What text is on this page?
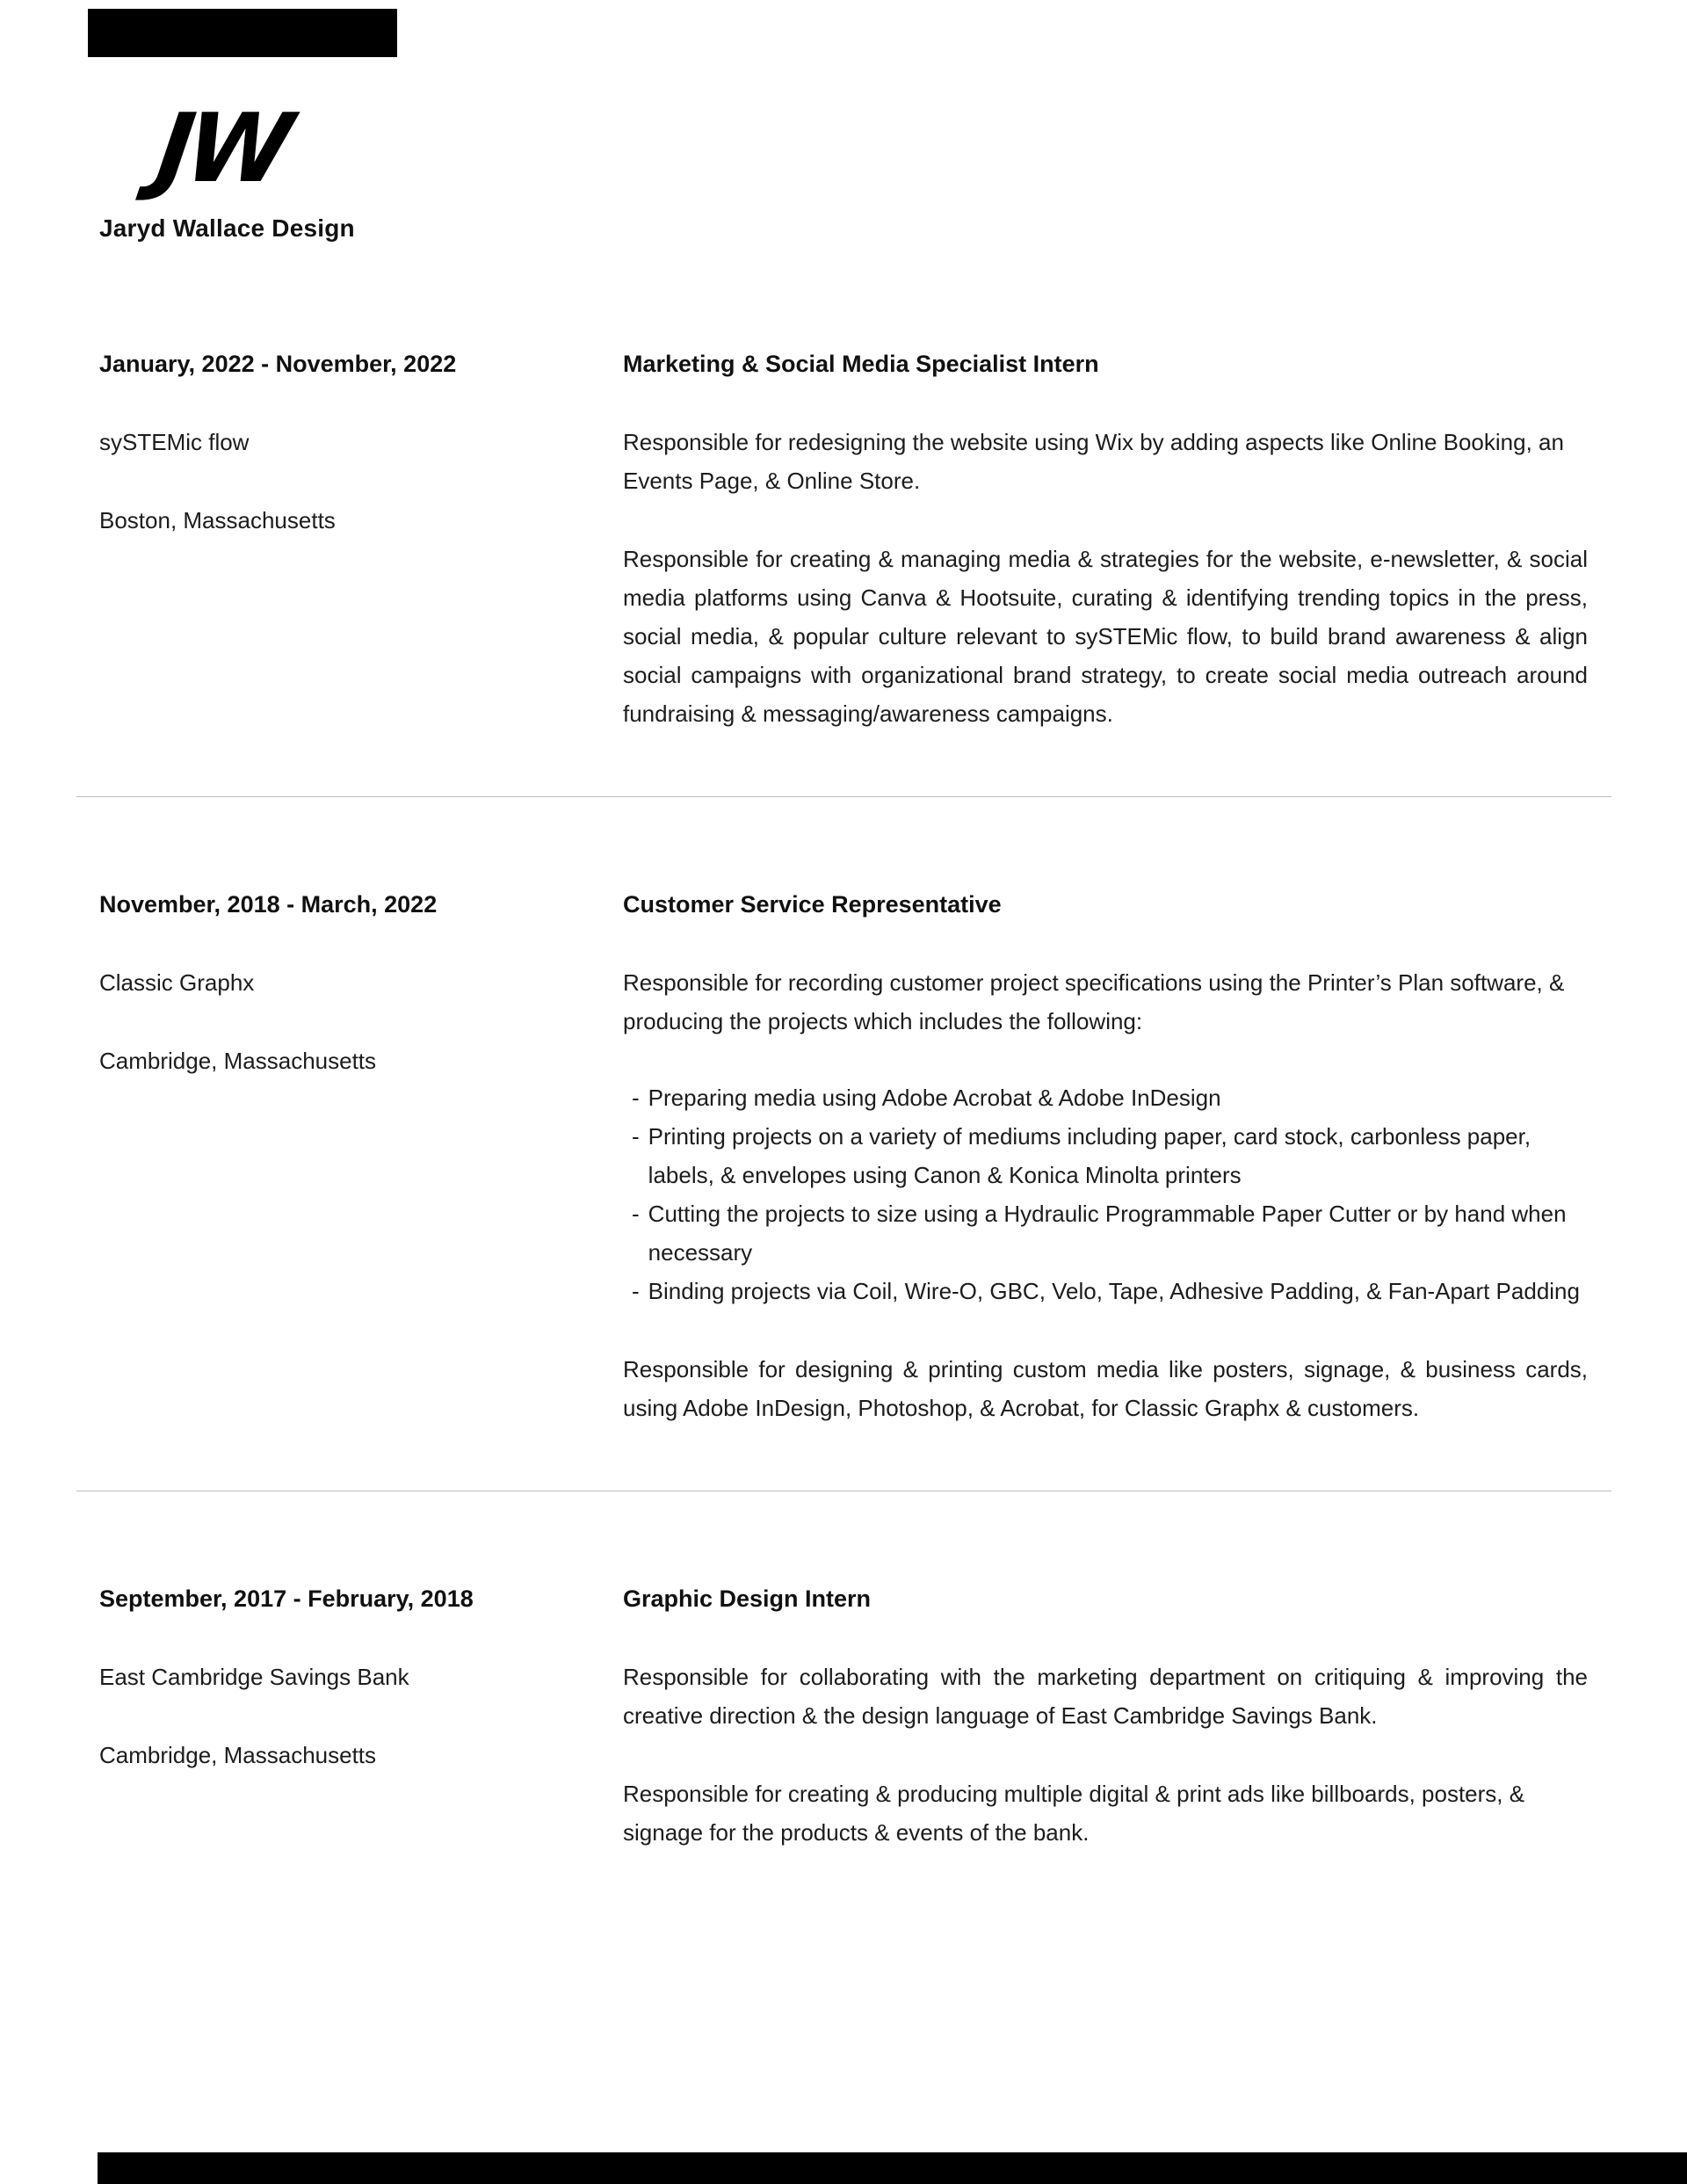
JW
Jaryd Wallace Design
January, 2022 - November, 2022
sySTEMic flow
Boston, Massachusetts
Marketing & Social Media Specialist Intern

Responsible for redesigning the website using Wix by adding aspects like Online Booking, an Events Page, & Online Store.

Responsible for creating & managing media & strategies for the website, e-newsletter, & social media platforms using Canva & Hootsuite, curating & identifying trending topics in the press, social media, & popular culture relevant to sySTEMic flow, to build brand awareness & align social campaigns with organizational brand strategy, to create social media outreach around fundraising & messaging/awareness campaigns.

November, 2018 - March, 2022
Classic Graphx
Cambridge, Massachusetts
Customer Service Representative

Responsible for recording customer project specifications using the Printer’s Plan software, & producing the projects which includes the following:

- Preparing media using Adobe Acrobat & Adobe InDesign
- Printing projects on a variety of mediums including paper, card stock, carbonless paper, labels, & envelopes using Canon & Konica Minolta printers
- Cutting the projects to size using a Hydraulic Programmable Paper Cutter or by hand when necessary
- Binding projects via Coil, Wire-O, GBC, Velo, Tape, Adhesive Padding, & Fan-Apart Padding

Responsible for designing & printing custom media like posters, signage, & business cards, using Adobe InDesign, Photoshop, & Acrobat, for Classic Graphx & customers.

September, 2017 - February, 2018
East Cambridge Savings Bank
Cambridge, Massachusetts
Graphic Design Intern

Responsible for collaborating with the marketing department on critiquing & improving the creative direction & the design language of East Cambridge Savings Bank.

Responsible for creating & producing multiple digital & print ads like billboards, posters, & signage for the products & events of the bank.
